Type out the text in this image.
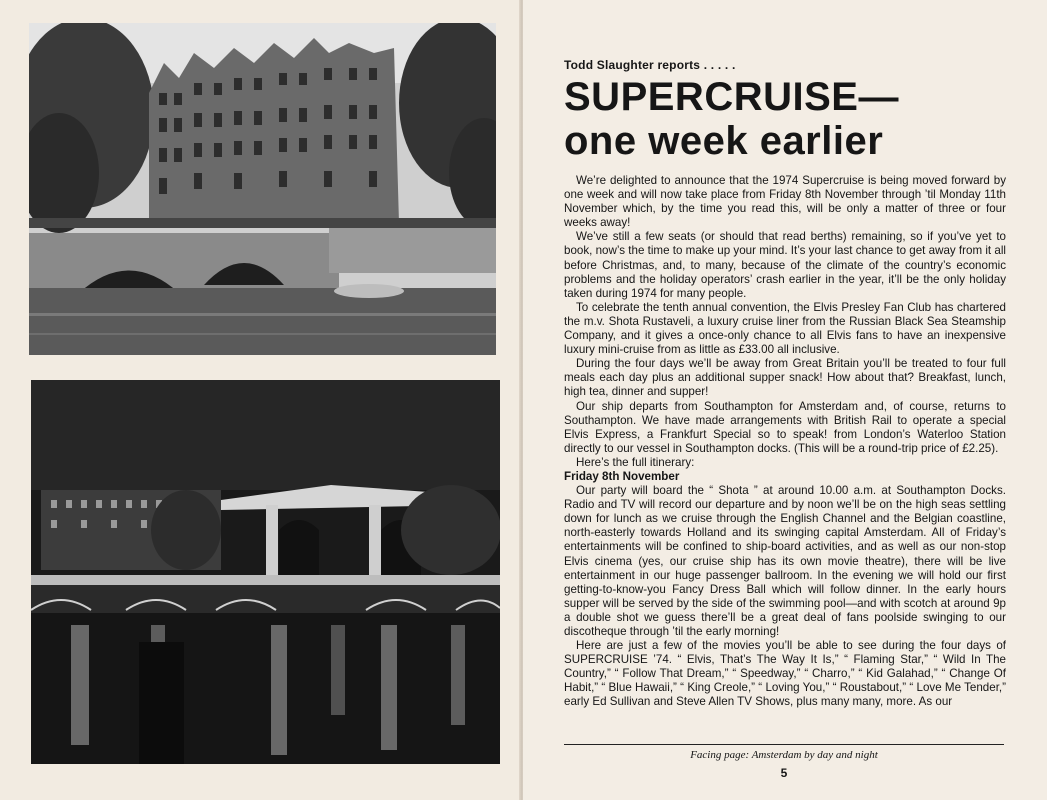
Todd Slaughter reports . . . . .
SUPERCRUISE—
one week earlier

We’re delighted to announce that the 1974 Supercruise is being moved forward by one week and will now take place from Friday 8th November through ’til Monday 11th November which, by the time you read this, will be only a matter of three or four weeks away!

We’ve still a few seats (or should that read berths) remaining, so if you’ve yet to book, now’s the time to make up your mind. It’s your last chance to get away from it all before Christmas, and, to many, because of the climate of the country’s economic problems and the holiday operators’ crash earlier in the year, it’ll be the only holiday taken during 1974 for many people.

To celebrate the tenth annual convention, the Elvis Presley Fan Club has chartered the m.v. Shota Rustaveli, a luxury cruise liner from the Russian Black Sea Steamship Company, and it gives a once-only chance to all Elvis fans to have an inexpensive luxury mini-cruise from as little as £33.00 all inclusive.

During the four days we’ll be away from Great Britain you’ll be treated to four full meals each day plus an additional supper snack! How about that? Breakfast, lunch, high tea, dinner and supper!

Our ship departs from Southampton for Amsterdam and, of course, returns to Southampton. We have made arrangements with British Rail to operate a special Elvis Express, a Frankfurt Special so to speak! from London’s Waterloo Station directly to our vessel in Southampton docks. (This will be a round-trip price of £2.25).

Here’s the full itinerary:

Friday 8th November

Our party will board the “ Shota ” at around 10.00 a.m. at Southampton Docks. Radio and TV will record our departure and by noon we’ll be on the high seas settling down for lunch as we cruise through the English Channel and the Belgian coastline, north-easterly towards Holland and its swinging capital Amsterdam. All of Friday’s entertainments will be confined to ship-board activities, and as well as our non-stop Elvis cinema (yes, our cruise ship has its own movie theatre), there will be live entertainment in our huge passenger ballroom. In the evening we will hold our first getting-to-know-you Fancy Dress Ball which will follow dinner. In the early hours supper will be served by the side of the swimming pool—and with scotch at around 9p a double shot we guess there’ll be a great deal of fans poolside swinging to our discotheque through ’til the early morning!

Here are just a few of the movies you’ll be able to see during the four days of SUPERCRUISE ’74. “ Elvis, That’s The Way It Is,” “ Flaming Star,” “ Wild In The Country,” “ Follow That Dream,” “ Speedway,” “ Charro,” “ Kid Galahad,” “ Change Of Habit,” “ Blue Hawaii,” “ King Creole,” “ Loving You,” “ Roustabout,” “ Love Me Tender,” early Ed Sullivan and Steve Allen TV Shows, plus many many, more. As our

Facing page: Amsterdam by day and night
5
